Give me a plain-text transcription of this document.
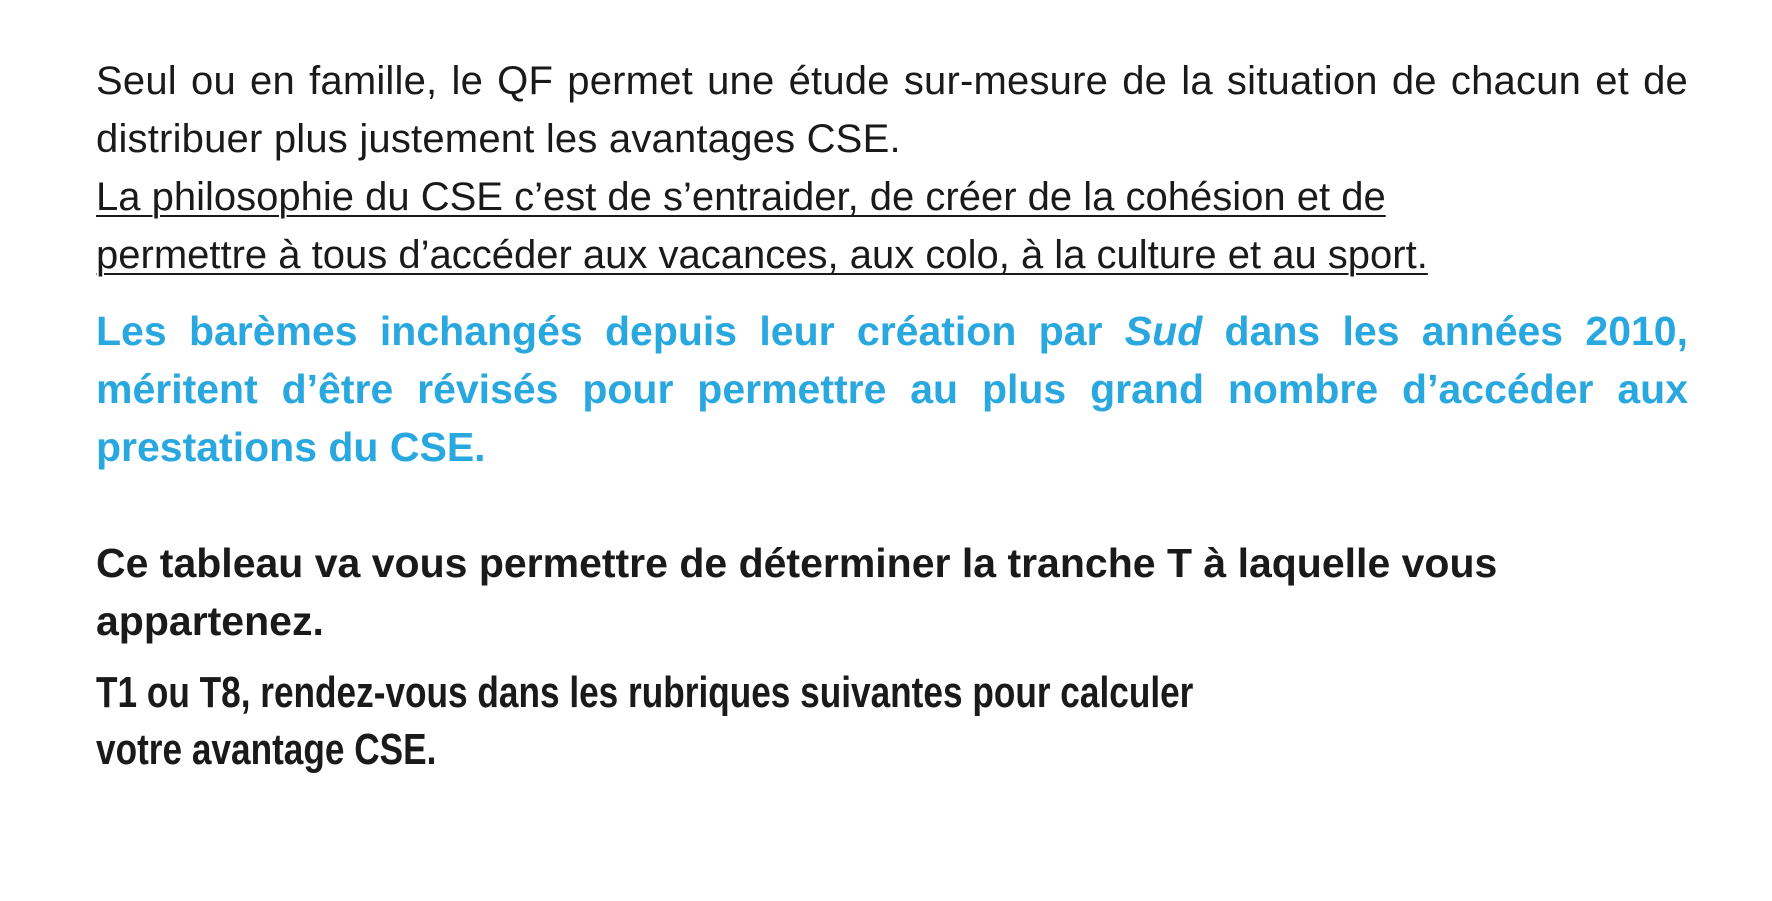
Seul ou en famille, le QF permet une étude sur-mesure de la situation de chacun et de distribuer plus justement les avantages CSE.

La philosophie du CSE c’est de s’entraider, de créer de la cohésion et de
permettre à tous d’accéder aux vacances, aux colo, à la culture et au sport.

Les barèmes inchangés depuis leur création par Sud dans les années 2010, méritent d’être révisés pour permettre au plus grand nombre d’accéder aux prestations du CSE.

Ce tableau va vous permettre de déterminer la tranche T à laquelle vous appartenez.

T1 ou T8, rendez-vous dans les rubriques suivantes pour calculer
votre avantage CSE.
